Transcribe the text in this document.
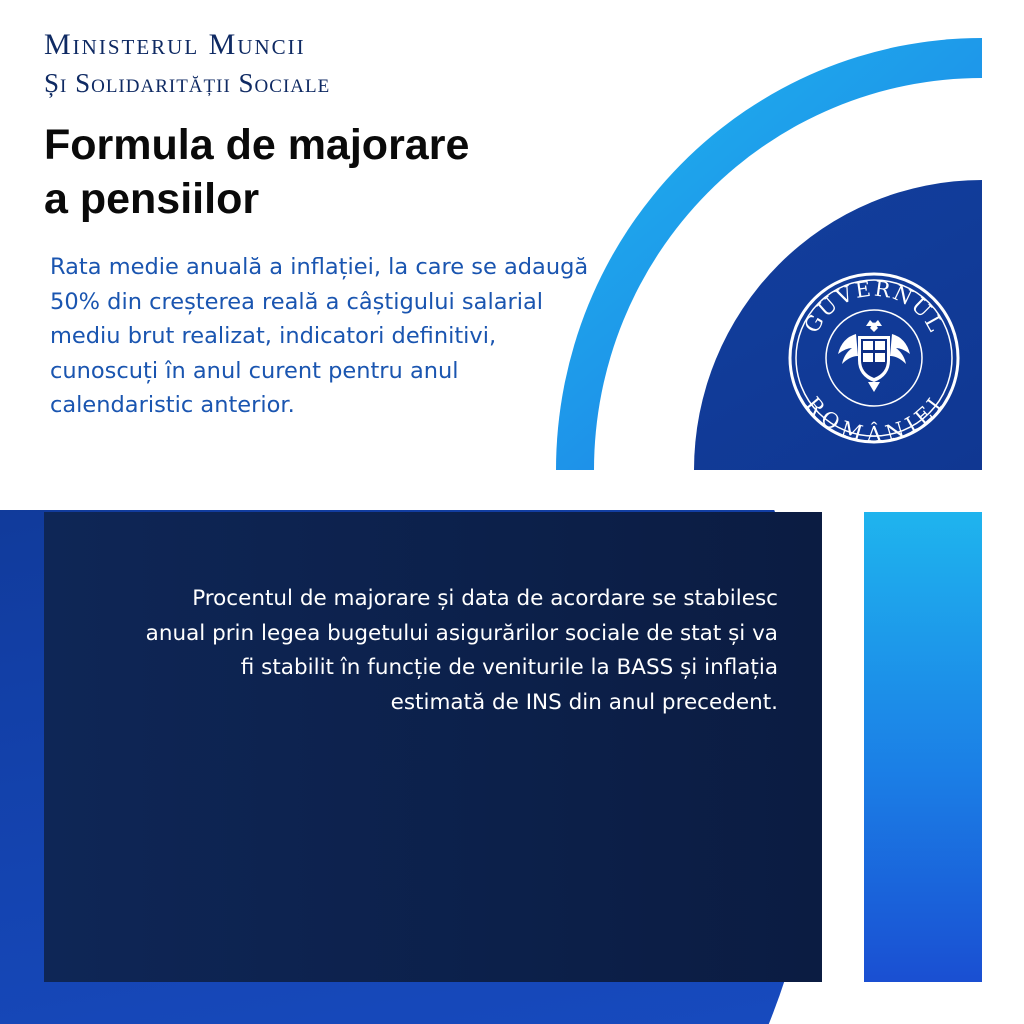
Procentul de majorare și data de acordare se stabilesc anual prin legea bugetului asigurărilor sociale de stat și va fi stabilit în funcție de veniturile la BASS și inflația estimată de INS din anul precedent.
GUVERNUL
ROMÂNIEI
Ministerul Muncii
Și Solidarității Sociale
Formula de majorare
a pensiilor
Rata medie anuală a inflației, la care se adaugă 50% din creșterea reală a câștigului salarial mediu brut realizat, indicatori definitivi, cunoscuți în anul curent pentru anul calendaristic anterior.
